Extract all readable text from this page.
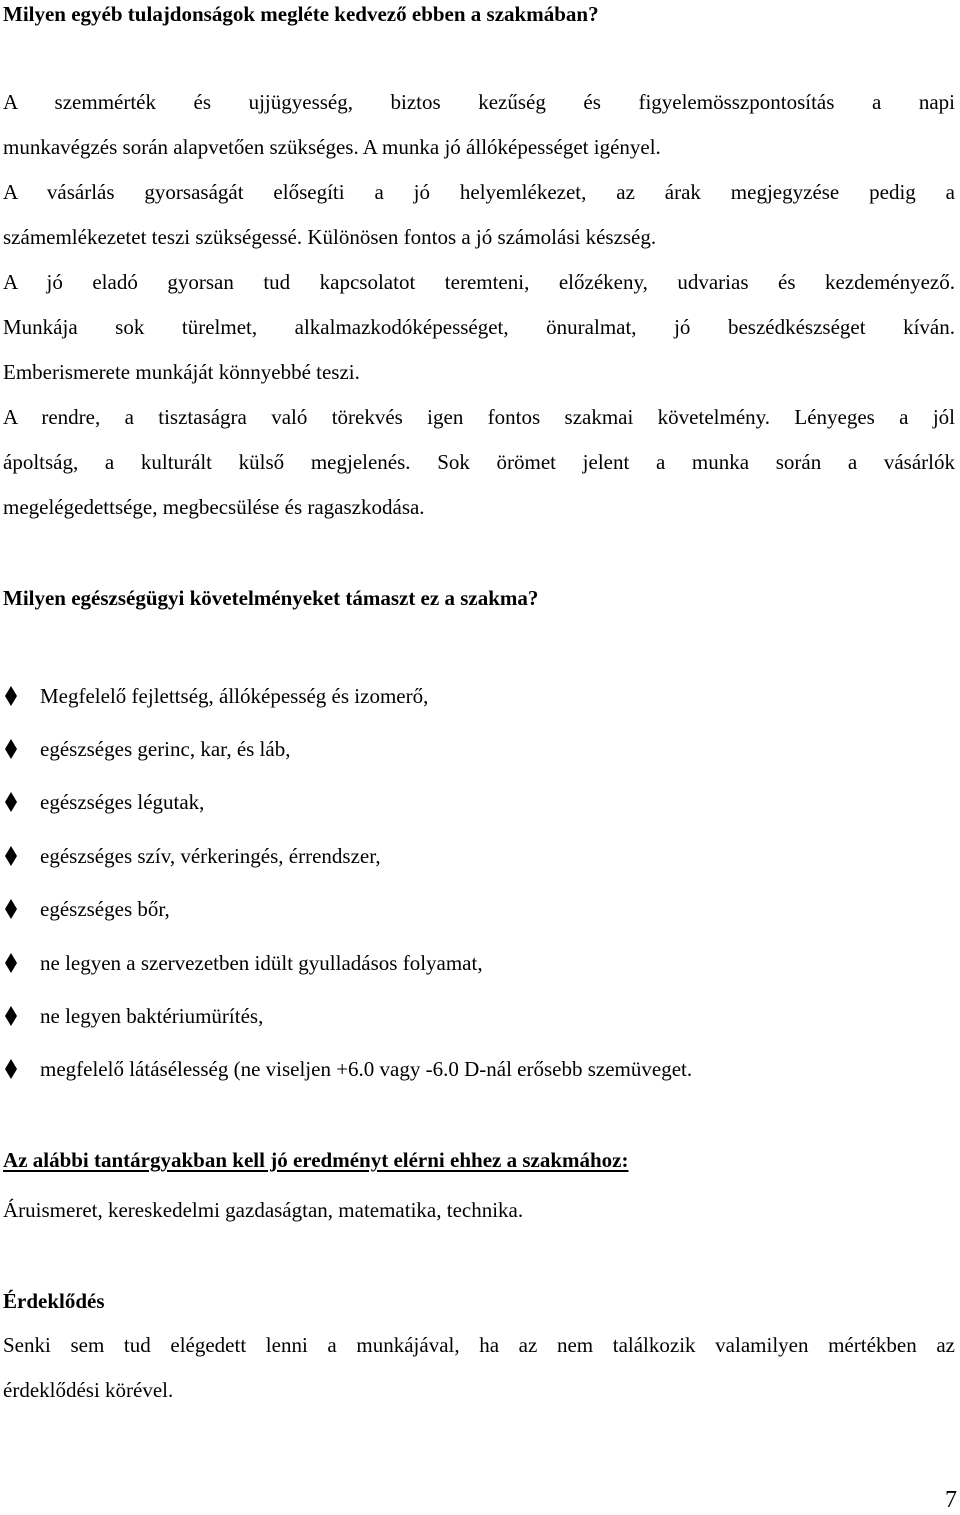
Milyen egyéb tulajdonságok megléte kedvező ebben a szakmában?
A szemmérték és ujjügyesség, biztos kezűség és figyelemösszpontosítás a napi
munkavégzés során alapvetően szükséges. A munka jó állóképességet igényel.
A vásárlás gyorsaságát elősegíti a jó helyemlékezet, az árak megjegyzése pedig a
számemlékezetet teszi szükségessé. Különösen fontos a jó számolási készség.
A jó eladó gyorsan tud kapcsolatot teremteni, előzékeny, udvarias és kezdeményező.
Munkája sok türelmet, alkalmazkodóképességet, önuralmat, jó beszédkészséget kíván.
Emberismerete munkáját könnyebbé teszi.
A rendre, a tisztaságra való törekvés igen fontos szakmai követelmény. Lényeges a jól
ápoltság, a kulturált külső megjelenés. Sok örömet jelent a munka során a vásárlók
megelégedettsége, megbecsülése és ragaszkodása.
Milyen egészségügyi követelményeket támaszt ez a szakma?
Megfelelő fejlettség, állóképesség és izomerő,
egészséges gerinc, kar, és láb,
egészséges légutak,
egészséges szív, vérkeringés, érrendszer,
egészséges bőr,
ne legyen a szervezetben idült gyulladásos folyamat,
ne legyen baktériumürítés,
megfelelő látásélesség (ne viseljen +6.0 vagy -6.0 D-nál erősebb szemüveget.
Az alábbi tantárgyakban kell jó eredményt elérni ehhez a szakmához:
Áruismeret, kereskedelmi gazdaságtan, matematika, technika.
Érdeklődés
Senki sem tud elégedett lenni a munkájával, ha az nem találkozik valamilyen mértékben az
érdeklődési körével.
7
